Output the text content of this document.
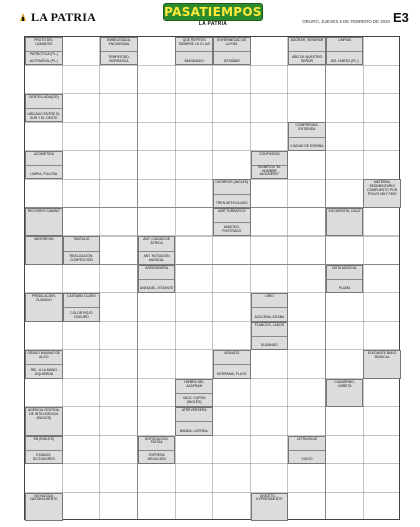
LA PATRIA	PASATIEMPOS
LA PATRIA	ORURO, JUEVES 6 DE FEBRERO DE 2020 E3
FRUTO DEL CAMUESO
AUTOMÓVIL (PL.)
PATRIOTICA (PL.)
EMBELESADA, ENCANTADA
TEMPESTAD, BORRASCA
QUE REPITEN SIEMPRE LA O LAS
IMAGINADO
ENFERMEDAD DE LA PIEL
ESTAÑAR
ADORAR, VENERAR
AÑO DE NUESTRO SEÑOR
LIMPIAS
DEL HUESO (PL.)
DENTELLADA(DO)
UBICADO ENTRE EL SUR Y EL OESTE
COMPRENDA, ENTIENDA
CIUDAD DE ESPAÑA
CONFUSIÓN
SIGNIFICA "EL HOMBRE JAGUNERO"
ACOMETIDA
LIMPIA, PULCRA
CHORROS (INGLÉS)
TREN ARTICULADO
MATERIAL SEDIMENTARIO COMPUESTO POR POLVO MUY FINO
AMÉ TURBATICO
AMATIDO, POSTRADO
RECORRO CAMINO	EUCARISTÍA, CÁLIZ
TANTALIO
REALIZACIÓN, CONFECCIÓN
ANT. CIUDAD DE ÁFRICA
ANT. NOTACIÓN MUSICAL
MATORCHA
ASENTADERA
ANAQUEL, ESTANTE
NOTA MUSICAL
PLUMA
CASTAÑO CLARO
COLOR ROJO OSCURO
LIRIO
AZUCENA, ATISBA
PREDILACIÓN, CUIDADO
FLANCOS, LADOS
DUSANDO
GRADO MÁXIMO DE ALGO
REL. A LA MANO IZQUIERDA
ADIVADO
DERRAMA, FLUYE
ELEGANTE BAILE MUSICAL
HIEBRA DEL AZAFRAN
VALE, CUPÓN (INGLÉS)
CUADERNO, LIBRETA
ATREVERSERA
BANDA, LATERAL
AGENCIA CENTRAL DE INTELIGENCIA (INGLÉS)
EN (INGLÉS)
EXANOS, DICTADORES
SOFOCACIÓN, FATIGA
EXPRESA NEGACIÓN
LETRA BLUE
VIGOO
NO NACIDA NATURALMENTE
ANICETO ... EXPRESIDENTE
